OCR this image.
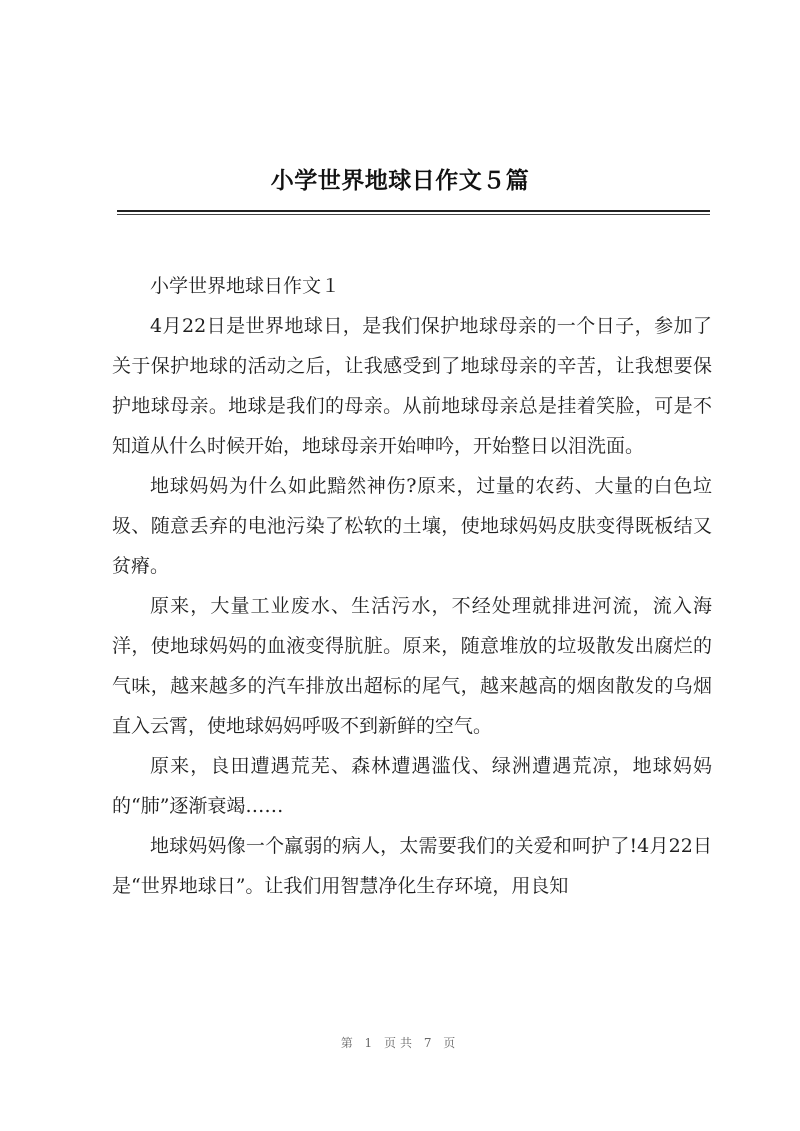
小学世界地球日作文５篇

小学世界地球日作文１

4月22日是世界地球日，是我们保护地球母亲的一个日子，参加了关于保护地球的活动之后，让我感受到了地球母亲的辛苦，让我想要保护地球母亲。地球是我们的母亲。从前地球母亲总是挂着笑脸，可是不知道从什么时候开始，地球母亲开始呻吟，开始整日以泪洗面。

地球妈妈为什么如此黯然神伤?原来，过量的农药、大量的白色垃圾、随意丢弃的电池污染了松软的土壤，使地球妈妈皮肤变得既板结又贫瘠。

原来，大量工业废水、生活污水，不经处理就排进河流，流入海洋，使地球妈妈的血液变得肮脏。原来，随意堆放的垃圾散发出腐烂的气味，越来越多的汽车排放出超标的尾气，越来越高的烟囱散发的乌烟直入云霄，使地球妈妈呼吸不到新鲜的空气。

原来，良田遭遇荒芜、森林遭遇滥伐、绿洲遭遇荒凉，地球妈妈的“肺”逐渐衰竭……

地球妈妈像一个羸弱的病人，太需要我们的关爱和呵护了!4月22日是“世界地球日”。让我们用智慧净化生存环境，用良知

第 1 页共 7 页
